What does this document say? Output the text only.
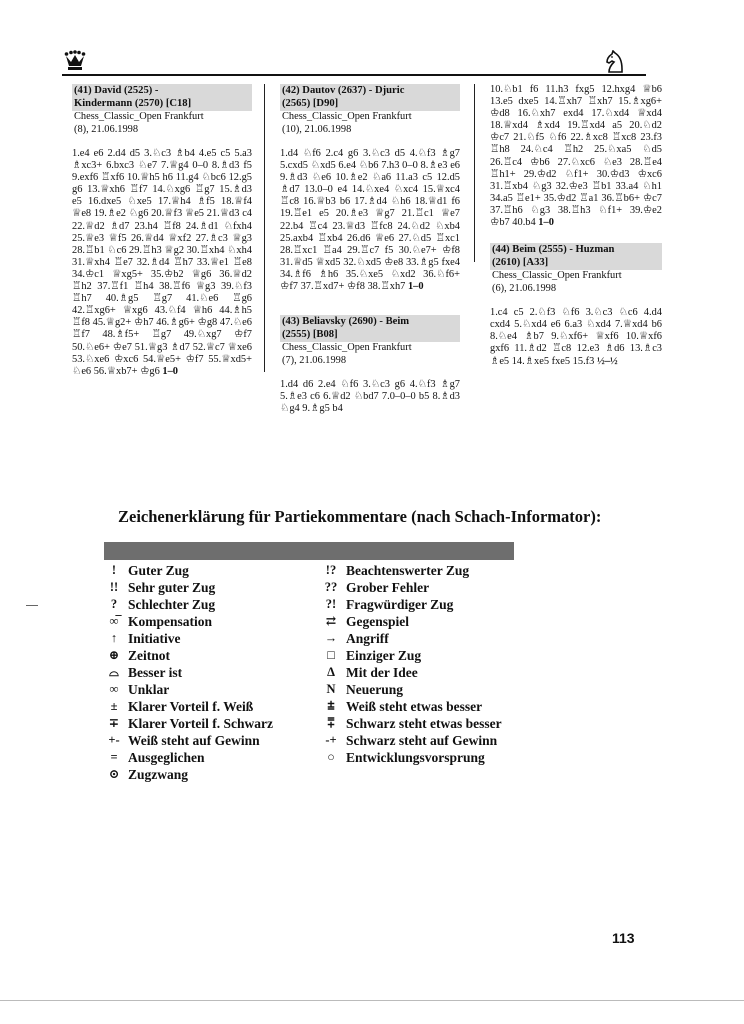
(41) David (2525) -
Kindermann (2570) [C18]
Chess_Classic_Open Frankfurt
(8), 21.06.1998
1.e4 e6 2.d4 d5 3.♘c3 ♗b4 4.e5 c5 5.a3 ♗xc3+ 6.bxc3 ♘e7 7.♕g4 0–0 8.♗d3 f5 9.exf6 ♖xf6 10.♕h5 h6 11.g4 ♘bc6 12.g5 g6 13.♕xh6 ♖f7 14.♘xg6 ♖g7 15.♗d3 e5 16.dxe5 ♘xe5 17.♕h4 ♗f5 18.♕f4 ♕e8 19.♗e2 ♘g6 20.♕f3 ♕e5 21.♕d3 c4 22.♕d2 ♗d7 23.h4 ♖f8 24.♗d1 ♘fxh4 25.♕e3 ♕f5 26.♕d4 ♕xf2 27.♗c3 ♕g3 28.♖b1 ♘c6 29.♖h3 ♕g2 30.♖xh4 ♘xh4 31.♕xh4 ♖e7 32.♗d4 ♖h7 33.♕e1 ♖e8 34.♔c1 ♕xg5+ 35.♔b2 ♕g6 36.♕d2 ♖h2 37.♖f1 ♖h4 38.♖f6 ♕g3 39.♘f3 ♖h7 40.♗g5 ♖g7 41.♘e6 ♖g6 42.♖xg6+ ♕xg6 43.♘f4 ♕h6 44.♗h5 ♖f8 45.♕g2+ ♔h7 46.♗g6+ ♔g8 47.♘e6 ♖f7 48.♗f5+ ♖g7 49.♘xg7 ♔f7 50.♘e6+ ♔e7 51.♕g3 ♗d7 52.♕c7 ♕xe6 53.♘xe6 ♔xc6 54.♕e5+ ♔f7 55.♕xd5+ ♘e6 56.♕xb7+ ♔g6 1–0
(42) Dautov (2637) - Djuric
(2565) [D90]
Chess_Classic_Open Frankfurt
(10), 21.06.1998
1.d4 ♘f6 2.c4 g6 3.♘c3 d5 4.♘f3 ♗g7 5.cxd5 ♘xd5 6.e4 ♘b6 7.h3 0–0 8.♗e3 e6 9.♗d3 ♘e6 10.♗e2 ♘a6 11.a3 c5 12.d5 ♗d7 13.0–0 e4 14.♘xe4 ♘xc4 15.♕xc4 ♖c8 16.♕b3 b6 17.♗d4 ♘h6 18.♕d1 f6 19.♖e1 e5 20.♗e3 ♕g7 21.♖c1 ♕e7 22.b4 ♖c4 23.♕d3 ♖fc8 24.♘d2 ♘xb4 25.axb4 ♖xb4 26.d6 ♕e6 27.♘d5 ♖xc1 28.♖xc1 ♖a4 29.♖c7 f5 30.♘e7+ ♔f8 31.♕d5 ♕xd5 32.♘xd5 ♔e8 33.♗g5 fxe4 34.♗f6 ♗h6 35.♘xe5 ♘xd2 36.♘f6+ ♔f7 37.♖xd7+ ♔f8 38.♖xh7 1–0
(43) Beliavsky (2690) - Beim
(2555) [B08]
Chess_Classic_Open Frankfurt
(7), 21.06.1998
1.d4 d6 2.e4 ♘f6 3.♘c3 g6 4.♘f3 ♗g7 5.♗e3 c6 6.♕d2 ♘bd7 7.0–0–0 b5 8.♗d3 ♘g4 9.♗g5 b4
10.♘b1 f6 11.h3 fxg5 12.hxg4 ♕b6 13.e5 dxe5 14.♖xh7 ♖xh7 15.♗xg6+ ♔d8 16.♘xh7 exd4 17.♘xd4 ♕xd4 18.♕xd4 ♗xd4 19.♖xd4 a5 20.♘d2 ♔c7 21.♘f5 ♘f6 22.♗xc8 ♖xc8 23.f3 ♖h8 24.♘c4 ♖h2 25.♘xa5 ♘d5 26.♖c4 ♔b6 27.♘xc6 ♘e3 28.♖e4 ♖h1+ 29.♔d2 ♘f1+ 30.♔d3 ♔xc6 31.♖xb4 ♘g3 32.♔e3 ♖b1 33.a4 ♘h1 34.a5 ♖e1+ 35.♔d2 ♖a1 36.♖b6+ ♔c7 37.♖h6 ♘g3 38.♖h3 ♘f1+ 39.♔e2 ♔b7 40.b4 1–0
(44) Beim (2555) - Huzman
(2610) [A33]
Chess_Classic_Open Frankfurt
(6), 21.06.1998
1.c4 c5 2.♘f3 ♘f6 3.♘c3 ♘c6 4.d4 cxd4 5.♘xd4 e6 6.a3 ♘xd4 7.♕xd4 b6 8.♘e4 ♗b7 9.♘xf6+ ♕xf6 10.♕xf6 gxf6 11.♗d2 ♖c8 12.e3 ♗d6 13.♗c3 ♗e5 14.♗xe5 fxe5 15.f3 ½–½
Zeichenerklärung für Partiekommentare (nach Schach-Informator):
! Guter Zug	!? Beachtenswerter Zug
!! Sehr guter Zug	?? Grober Fehler
? Schlechter Zug	?! Fragwürdiger Zug
∞̅ Kompensation	⇄ Gegenspiel
↑ Initiative	→ Angriff
⊕ Zeitnot	□ Einziger Zug
⌓ Besser ist	Δ Mit der Idee
∞ Unklar	N Neuerung
± Klarer Vorteil f. Weiß	⩲ Weiß steht etwas besser
∓ Klarer Vorteil f. Schwarz	⩱ Schwarz steht etwas besser
+- Weiß steht auf Gewinn	-+ Schwarz steht auf Gewinn
= Ausgeglichen	○ Entwicklungsvorsprung
⊙ Zugzwang
113
